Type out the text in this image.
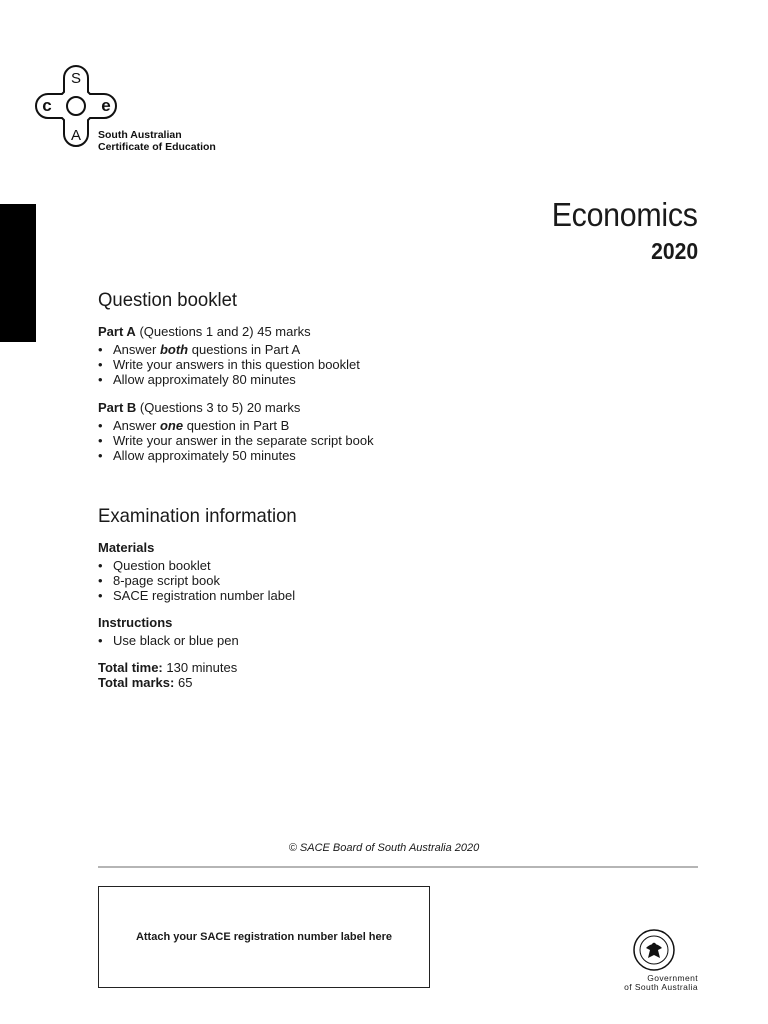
S
c	e
A South Australian
Certificate of Education
Economics
2020
Question booklet

Part A (Questions 1 and 2) 45 marks

• Answer both questions in Part A
• Write your answers in this question booklet
• Allow approximately 80 minutes

Part B (Questions 3 to 5) 20 marks

• Answer one question in Part B
• Write your answer in the separate script book
• Allow approximately 50 minutes
Examination information

Materials

• Question booklet
• 8-page script book
• SACE registration number label

Instructions

• Use black or blue pen

Total time: 130 minutes

Total marks: 65

© SACE Board of South Australia 2020
Attach your SACE registration number label here
Government
of South Australia
